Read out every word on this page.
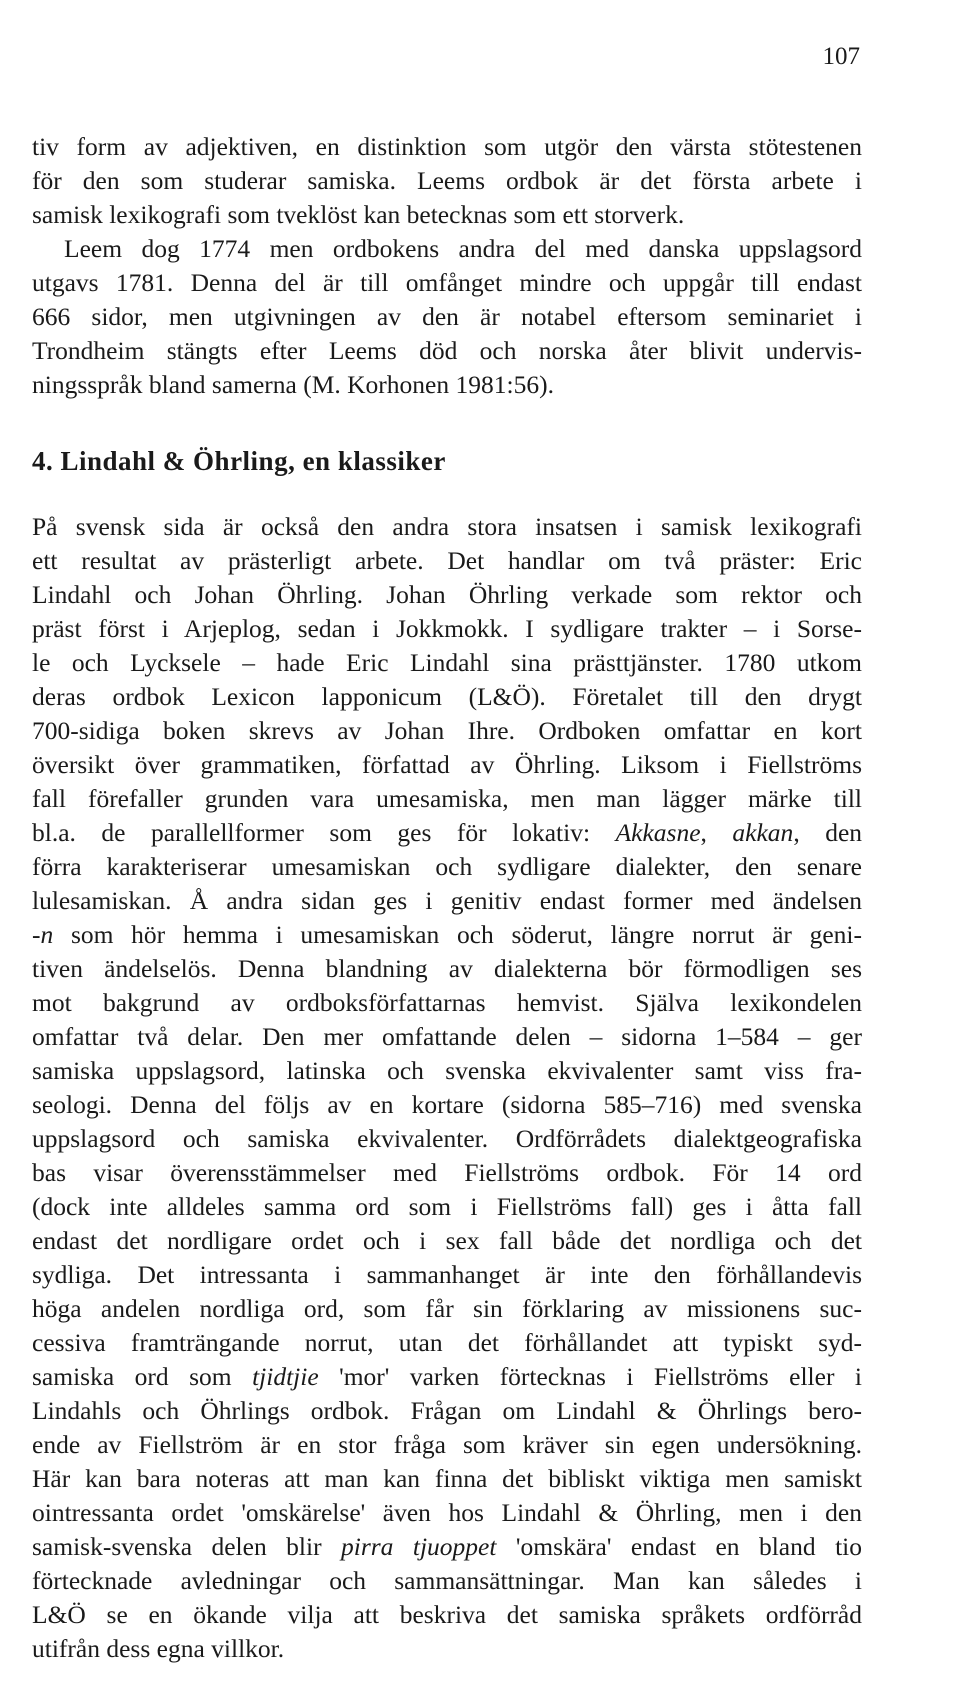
107
tiv form av adjektiven, en distinktion som utgör den värsta stötestenen
för den som studerar samiska. Leems ordbok är det första arbete i
samisk lexikografi som tveklöst kan betecknas som ett storverk.
Leem dog 1774 men ordbokens andra del med danska uppslagsord
utgavs 1781. Denna del är till omfånget mindre och uppgår till endast
666 sidor, men utgivningen av den är notabel eftersom seminariet i
Trondheim stängts efter Leems död och norska åter blivit undervis-
ningsspråk bland samerna (M. Korhonen 1981:56).
4. Lindahl & Öhrling, en klassiker
På svensk sida är också den andra stora insatsen i samisk lexikografi
ett resultat av prästerligt arbete. Det handlar om två präster: Eric
Lindahl och Johan Öhrling. Johan Öhrling verkade som rektor och
präst först i Arjeplog, sedan i Jokkmokk. I sydligare trakter – i Sorse-
le och Lycksele – hade Eric Lindahl sina prästtjänster. 1780 utkom
deras ordbok Lexicon lapponicum (L&Ö). Företalet till den drygt
700-sidiga boken skrevs av Johan Ihre. Ordboken omfattar en kort
översikt över grammatiken, författad av Öhrling. Liksom i Fiellströms
fall förefaller grunden vara umesamiska, men man lägger märke till
bl.a. de parallellformer som ges för lokativ: Akkasne, akkan, den
förra karakteriserar umesamiskan och sydligare dialekter, den senare
lulesamiskan. Å andra sidan ges i genitiv endast former med ändelsen
-n som hör hemma i umesamiskan och söderut, längre norrut är geni-
tiven ändelselös. Denna blandning av dialekterna bör förmodligen ses
mot bakgrund av ordboksförfattarnas hemvist. Själva lexikondelen
omfattar två delar. Den mer omfattande delen – sidorna 1–584 – ger
samiska uppslagsord, latinska och svenska ekvivalenter samt viss fra-
seologi. Denna del följs av en kortare (sidorna 585–716) med svenska
uppslagsord och samiska ekvivalenter. Ordförrådets dialektgeografiska
bas visar överensstämmelser med Fiellströms ordbok. För 14 ord
(dock inte alldeles samma ord som i Fiellströms fall) ges i åtta fall
endast det nordligare ordet och i sex fall både det nordliga och det
sydliga. Det intressanta i sammanhanget är inte den förhållandevis
höga andelen nordliga ord, som får sin förklaring av missionens suc-
cessiva framträngande norrut, utan det förhållandet att typiskt syd-
samiska ord som tjidtjie 'mor' varken förtecknas i Fiellströms eller i
Lindahls och Öhrlings ordbok. Frågan om Lindahl & Öhrlings bero-
ende av Fiellström är en stor fråga som kräver sin egen undersökning.
Här kan bara noteras att man kan finna det bibliskt viktiga men samiskt
ointressanta ordet 'omskärelse' även hos Lindahl & Öhrling, men i den
samisk-svenska delen blir pirra tjuoppet 'omskära' endast en bland tio
förtecknade avledningar och sammansättningar. Man kan således i
L&Ö se en ökande vilja att beskriva det samiska språkets ordförråd
utifrån dess egna villkor.
